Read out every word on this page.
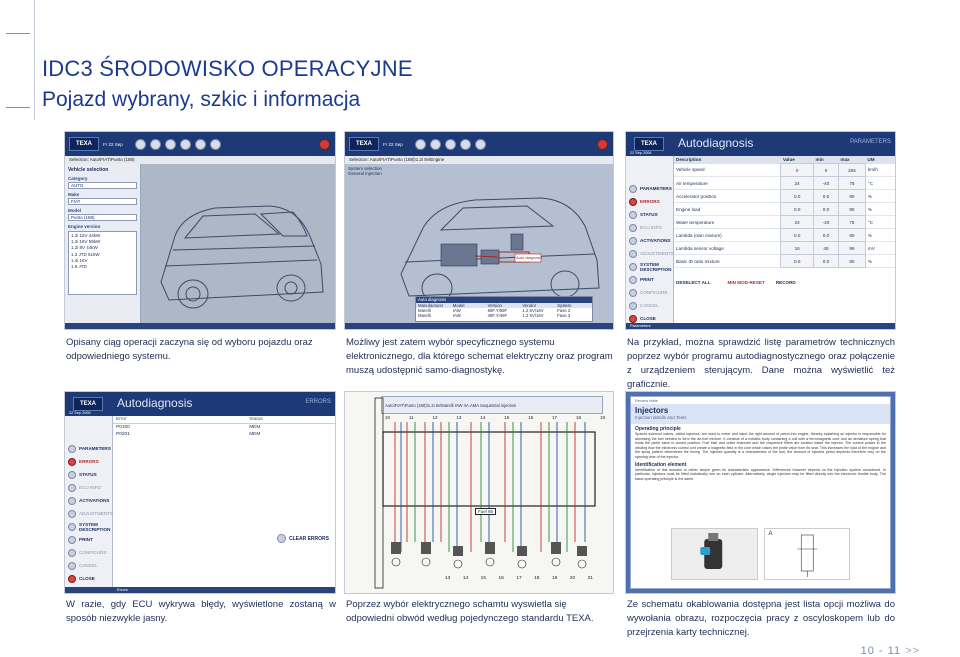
IDC3 ŚRODOWISKO OPERACYJNE
Pojazd wybrany, szkic i informacja
TEXA	Fr 22 Sep
Selection: Auto\FIAT\Punto (188)
Vehicle selection
Category
AUTO
Make
FIAT
Model
Punto (188)
Engine version
1.2i 16V 44kW
1.2i 16V 59kW
1.2i 8V 44kW
1.3 JTD 51kW
1.4i 16V
1.9 JTD
Opisany ciąg operacji zaczyna się od wyboru pojazdu oraz odpowiedniego systemu.
TEXA	Fr 22 Sep
Selection: Auto\FIAT\Punto (188)\1.2i 8v\Engine
System selection
General injection
Auto diagnosis
Auto diagnosis
Manufacturer	Model	Version	Vendor	System
Marelli	IAW	59F.Y/59F	1.2 8V/16V	Fase 2
Marelli	IAW	49F.Y/49F	1.2 8V/16V	Fase 3
Możliwy jest zatem wybór specyficznego systemu elektronicznego, dla którego schemat elektryczny oraz program muszą udostępnić samo-diagnostykę.
TEXA
22 Sep 2006
Autodiagnosis	PARAMETERS
PARAMETERS
ERRORS
STATUS
ECU INFO
ACTIVATIONS
ADJUSTMENTS
SYSTEM DESCRIPTION
PRINT
CONFIGURE
CANCEL
CLOSE
Description	Value	min	max	UM
Vehicle speed	0	0	255	km/h
Air temperature	24	-40	75	°C
Accelerator position	0.0	0.0	90	%
Engine load	0.0	0.0	90	%
Water temperature	24	-40	75	°C
Lambda (own mixture)	0.0	0.0	90	%
Lambda sensor voltage	16	45	99	mV
Basic ID ratio mixture	0.0	0.0	90	%
DESELECT ALL	MIN MOD-RESET RECORD
Parameters
Na przykład, można sprawdzić listę parametrów technicznych poprzez wybór programu autodiagnostycznego oraz połączenie z urządzeniem sterującym. Dane można wyświetlić też graficznie.
TEXA
22 Sep 2006
Autodiagnosis	ERRORS
PARAMETERS
ERRORS
STATUS
ECU INFO
ACTIVATIONS
ADJUSTMENTS
SYSTEM DESCRIPTION
PRINT
CONFIGURE
CANCEL
CLOSE
Error	Status
P0100	MEM
P0201	MEM
CLEAR ERRORS
Errors
W razie, gdy ECU wykrywa błędy, wyświetlone zostaną w sposób niezwykle jasny.
Auto\FIAT\Punto (188)\1.2i 8v\Marelli IAW 4A.AMA Sequential injection
10	11	12	13	14	15	16	17	18	19
Fuel 86
13	14	15	16	17	18	19	20	21
Poprzez wybór elektrycznego schamtu wyswietla się odpowiedni obwód według pojedynczego standardu TEXA.
Review table
Injectors
Injection details and Tests
Operating principle
Spaced solenoid valves, called injectors, are used to meter and inject the right amount of petrol into engine, thereby splashing an injector is responsible for atomising the fuel needed to form the air-fuel mixture. It consists of a metallic body containing a coil with a ferromagnetic core and an armature spring that holds the pintle valve in closed position. Fuel inlet and outlet channels and the respective filters are located inside the injector. The control pulses in the winding flow the electronic control unit create a magnetic field in the core which raises the pintle valve from its seat. This increases the load of the engine and the spray pattern determines the timing. The injected quantity is a characteristic of the fuel, the amount of injected petrol depends therefore only on the opening time of the injector.
Identification element
Identification of this actuator is rather simple given its characteristic appearance. Differences however depend on the injection system considered. In particular, injectors must be fitted individually one on each cylinder. Alternatively, single injectors may be fitted directly into the electronic throttle body. The basic operating principle is the same.
A
Ze schematu okablowania dostępna jest lista opcji możliwa do wywołania obrazu, rozpoczęcia pracy z oscyloskopem lub do przejrzenia karty technicznej.
10 - 11 >>
